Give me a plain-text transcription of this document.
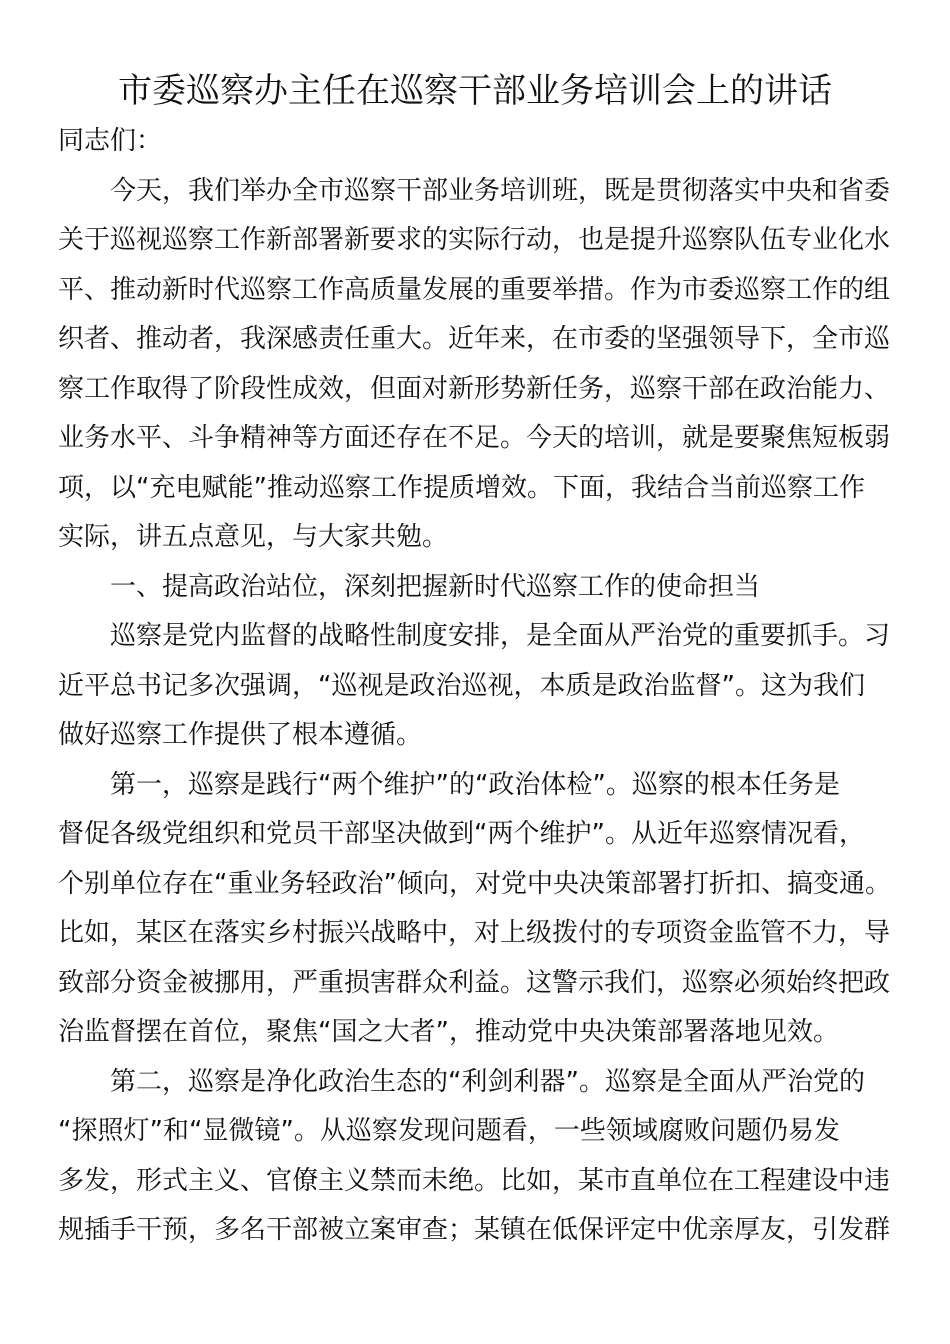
市委巡察办主任在巡察干部业务培训会上的讲话
同志们：
今天，我们举办全市巡察干部业务培训班，既是贯彻落实中央和省委
关于巡视巡察工作新部署新要求的实际行动，也是提升巡察队伍专业化水
平、推动新时代巡察工作高质量发展的重要举措。作为市委巡察工作的组
织者、推动者，我深感责任重大。近年来，在市委的坚强领导下，全市巡
察工作取得了阶段性成效，但面对新形势新任务，巡察干部在政治能力、
业务水平、斗争精神等方面还存在不足。今天的培训，就是要聚焦短板弱
项，以“充电赋能”推动巡察工作提质增效。下面，我结合当前巡察工作
实际，讲五点意见，与大家共勉。
一、提高政治站位，深刻把握新时代巡察工作的使命担当
巡察是党内监督的战略性制度安排，是全面从严治党的重要抓手。习
近平总书记多次强调，“巡视是政治巡视，本质是政治监督”。这为我们
做好巡察工作提供了根本遵循。
第一，巡察是践行“两个维护”的“政治体检”。巡察的根本任务是
督促各级党组织和党员干部坚决做到“两个维护”。从近年巡察情况看，
个别单位存在“重业务轻政治”倾向，对党中央决策部署打折扣、搞变通。
比如，某区在落实乡村振兴战略中，对上级拨付的专项资金监管不力，导
致部分资金被挪用，严重损害群众利益。这警示我们，巡察必须始终把政
治监督摆在首位，聚焦“国之大者”，推动党中央决策部署落地见效。
第二，巡察是净化政治生态的“利剑利器”。巡察是全面从严治党的
“探照灯”和“显微镜”。从巡察发现问题看，一些领域腐败问题仍易发
多发，形式主义、官僚主义禁而未绝。比如，某市直单位在工程建设中违
规插手干预，多名干部被立案审查；某镇在低保评定中优亲厚友，引发群
